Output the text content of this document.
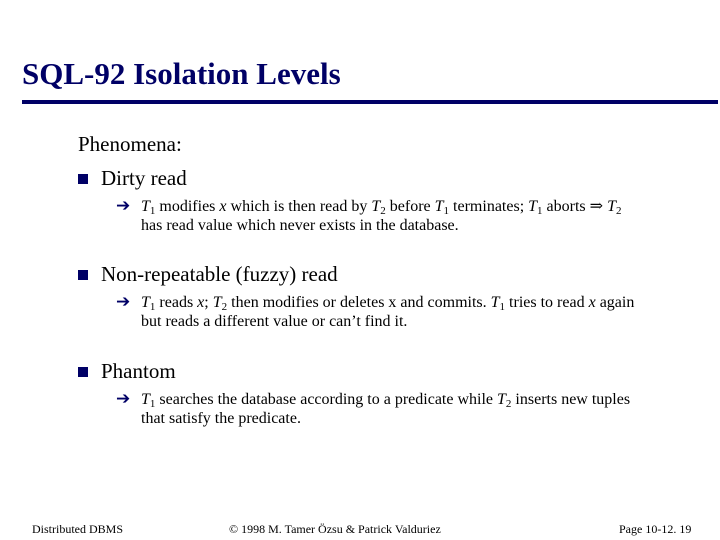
SQL-92 Isolation Levels
Phenomena:
Dirty read
➔ $T_1$ modifies x which is then read by $T_2$ before $T_1$ terminates; $T_1$ aborts ⇒ $T_2$ has read value which never exists in the database.
Non-repeatable (fuzzy) read
➔ $T_1$ reads x; $T_2$ then modifies or deletes x and commits. $T_1$ tries to read x again but reads a different value or can’t find it.
Phantom
➔ $T_1$ searches the database according to a predicate while $T_2$ inserts new tuples that satisfy the predicate.
Distributed DBMS	© 1998 M. Tamer Özsu & Patrick Valduriez	Page 10-12. 19
